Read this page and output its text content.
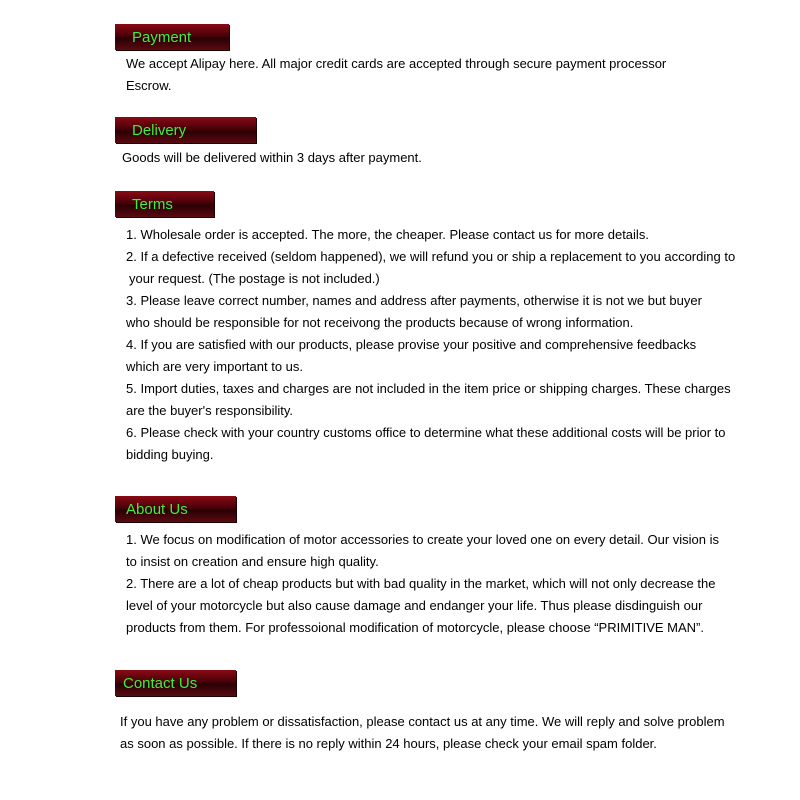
Payment

We accept Alipay here. All major credit cards are accepted through secure payment processor

Escrow.

Delivery

Goods will be delivered within 3 days after payment.

Terms

1. Wholesale order is accepted. The more, the cheaper. Please contact us for more details.

2. If a defective received (seldom happened), we will refund you or ship a replacement to you according to

your request. (The postage is not included.)

3. Please leave correct number, names and address after payments, otherwise it is not we but buyer

who should be responsible for not receivong the products because of wrong information.

4. If you are satisfied with our products, please provise your positive and comprehensive feedbacks

which are very important to us.

5. Import duties, taxes and charges are not included in the item price or shipping charges. These charges

are the buyer's responsibility.

6. Please check with your country customs office to determine what these additional costs will be prior to

bidding buying.

About Us

1. We focus on modification of motor accessories to create your loved one on every detail. Our vision is

to insist on creation and ensure high quality.

2. There are a lot of cheap products but with bad quality in the market, which will not only decrease the

level of your motorcycle but also cause damage and endanger your life. Thus please disdinguish our

products from them. For professoional modification of motorcycle, please choose “PRIMITIVE MAN”.

Contact Us

If you have any problem or dissatisfaction, please contact us at any time. We will reply and solve problem

as soon as possible. If there is no reply within 24 hours, please check your email spam folder.
